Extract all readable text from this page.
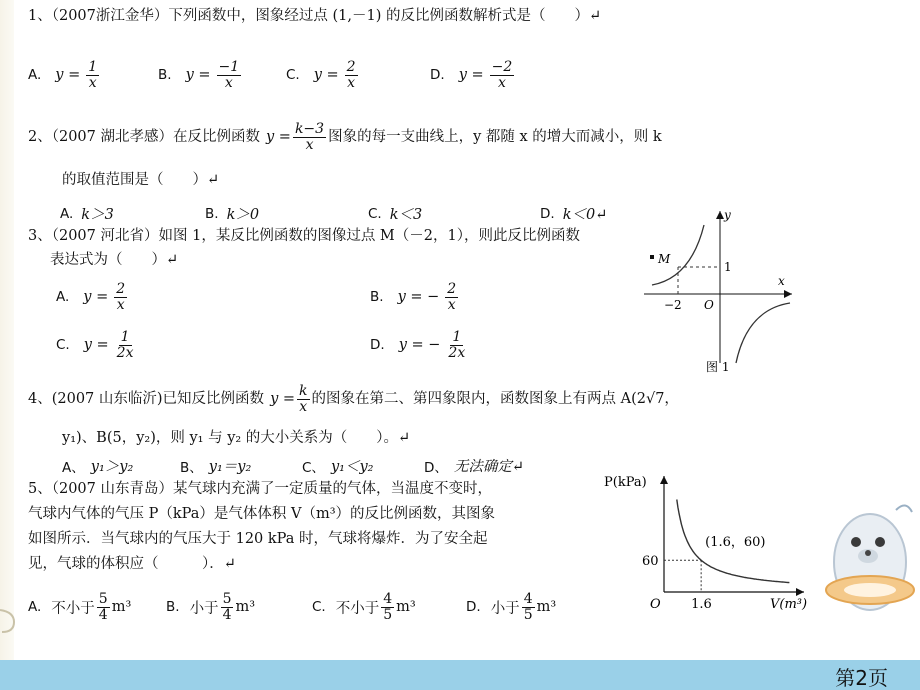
1、（2007浙江金华）下列函数中，图象经过点 (1,－1) 的反比例函数解析式是（　　）↵
A. $y = \frac{1}{x}$	B. $y = \frac{-1}{x}$	C. $y = \frac{2}{x}$	D. $y = \frac{-2}{x}$
2、（2007 湖北孝感）在反比例函数 $y = \frac{k-3}{x}$ 图象的每一支曲线上，y 都随 x 的增大而减小，则 k
的取值范围是（　　）↵
A. k＞3	B. k＞0	C. k＜3	D. k＜0↵
3、（2007 河北省）如图 1，某反比例函数的图像过点 M（－2，1），则此反比例函数
表达式为（　　）↵
A. $y = \frac{2}{x}$	B. y = − $\frac{2}{x}$
C. $y = \frac{1}{2x}$	D. y = − $\frac{1}{2x}$
M
y
x
1
−2 O
图 1
4、(2007 山东临沂)已知反比例函数 $y = \frac{k}{x}$ 的图象在第二、第四象限内，函数图象上有两点 A(2√7，
y₁)、B(5，y₂)，则 y₁ 与 y₂ 的大小关系为（　　）。↵
A、 y₁＞y₂	B、 y₁＝y₂	C、 y₁＜y₂	D、 无法确定↵
5、（2007 山东青岛）某气球内充满了一定质量的气体，当温度不变时，
气球内气体的气压 P（kPa）是气体体积 V（m³）的反比例函数，其图象
如图所示．当气球内的气压大于 120 kPa 时，气球将爆炸．为了安全起
见，气球的体积应（　　　）．↵
A. 不小于 $\frac{5}{4} m^3$	B. 小于 $\frac{5}{4} m^3$	C. 不小于 $\frac{4}{5} m^3$	D. 小于 $\frac{4}{5} m^3$
P(kPa)
V(m³)
O 1.6
60
(1.6，60)
第2页
